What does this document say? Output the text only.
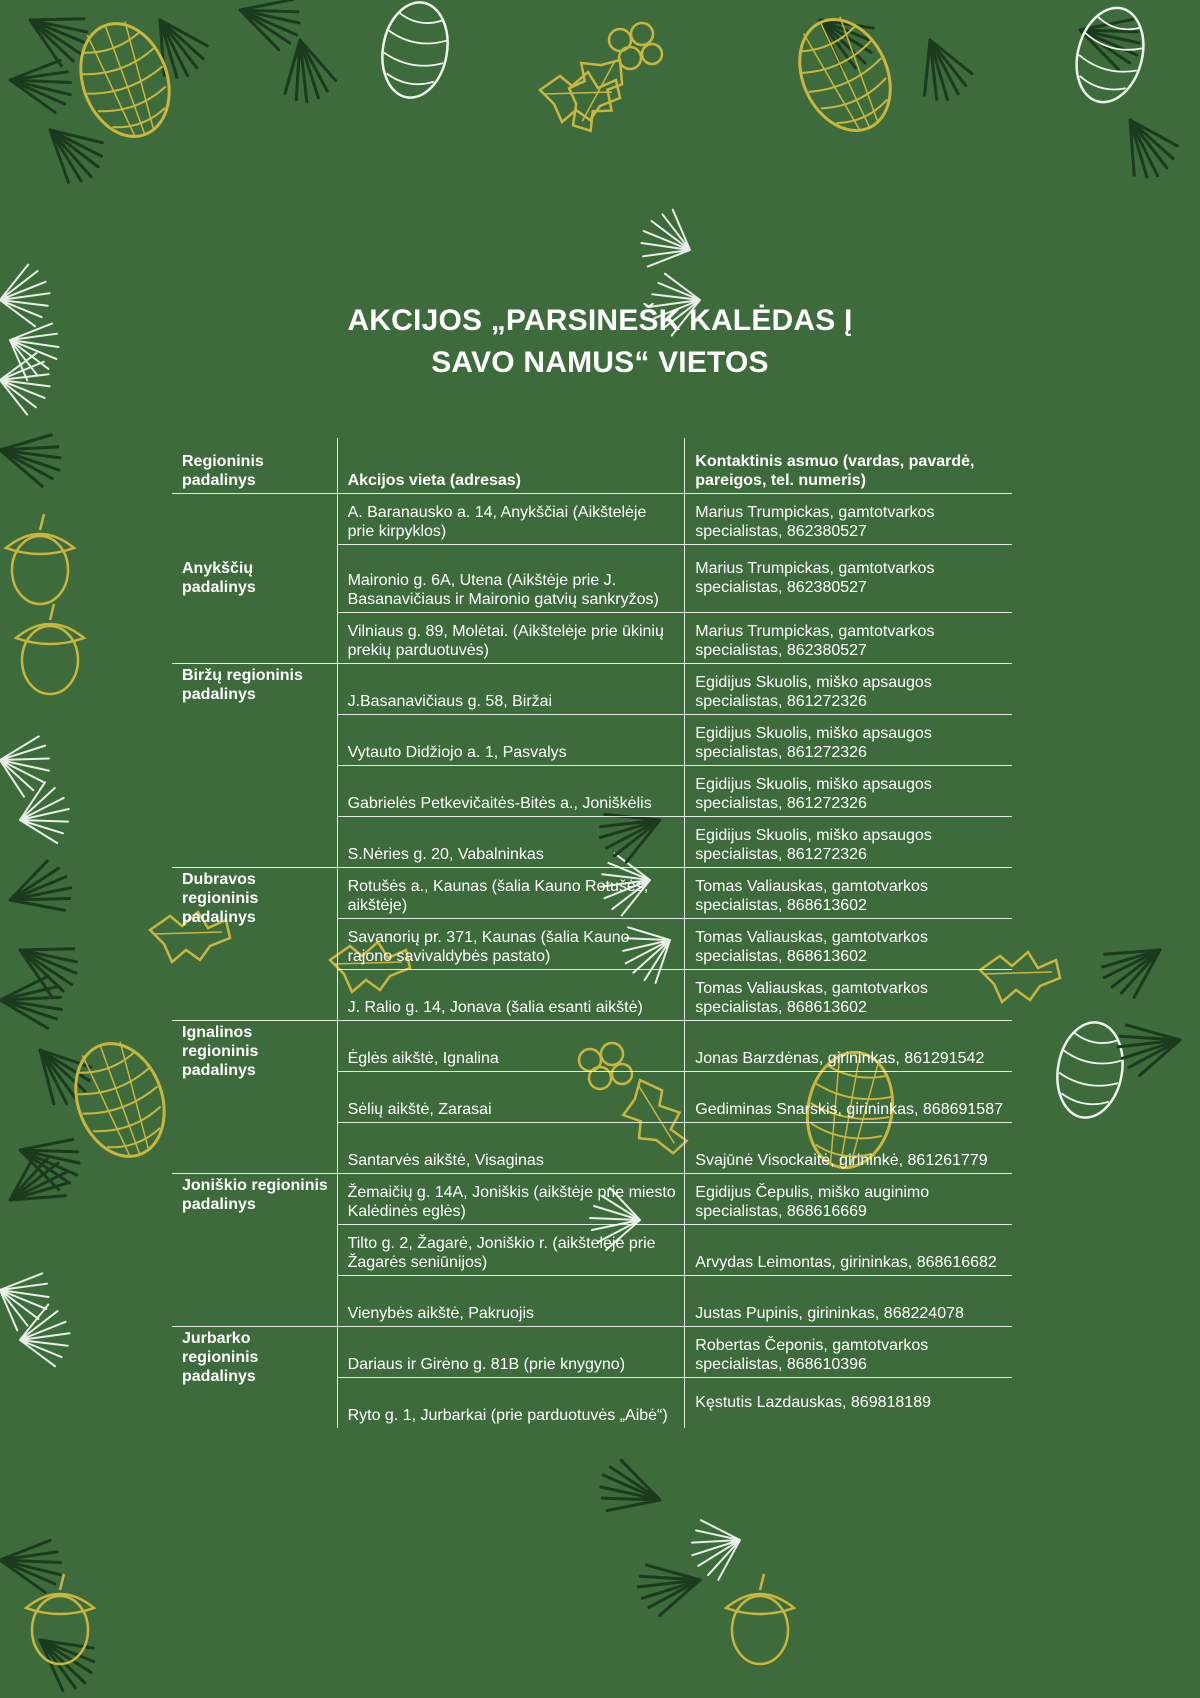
AKCIJOS „PARSINEŠK KALĖDAS Į
SAVO NAMUS“ VIETOS
Regioninis padalinys	Akcijos vieta (adresas)	Kontaktinis asmuo (vardas, pavardė, pareigos, tel. numeris)
Anykščių padalinys	A. Baranausko a. 14, Anykščiai (Aikštelėje prie kirpyklos)	Marius Trumpickas, gamtotvarkos specialistas, 862380527
	Maironio g. 6A, Utena (Aikštėje prie J. Basanavičiaus ir Maironio gatvių sankryžos)	Marius Trumpickas, gamtotvarkos specialistas, 862380527
	Vilniaus g. 89, Molėtai. (Aikštelėje prie ūkinių prekių parduotuvės)	Marius Trumpickas, gamtotvarkos specialistas, 862380527
Biržų regioninis padalinys	J.Basanavičiaus g. 58, Biržai	Egidijus Skuolis, miško apsaugos specialistas, 861272326
	Vytauto Didžiojo a. 1, Pasvalys	Egidijus Skuolis, miško apsaugos specialistas, 861272326
	Gabrielės Petkevičaitės-Bitės a., Joniškėlis	Egidijus Skuolis, miško apsaugos specialistas, 861272326
	S.Nėries g. 20, Vabalninkas	Egidijus Skuolis, miško apsaugos specialistas, 861272326
Dubravos regioninis padalinys	Rotušės a., Kaunas (šalia Kauno Rotušės, aikštėje)	Tomas Valiauskas, gamtotvarkos specialistas, 868613602
	Savanorių pr. 371, Kaunas (šalia Kauno rajono savivaldybės pastato)	Tomas Valiauskas, gamtotvarkos specialistas, 868613602
	J. Ralio g. 14, Jonava (šalia esanti aikštė)	Tomas Valiauskas, gamtotvarkos specialistas, 868613602
Ignalinos regioninis padalinys	Ėglės aikštė, Ignalina	Jonas Barzdėnas, girininkas, 861291542
	Sėlių aikštė, Zarasai	Gediminas Snarskis, girininkas, 868691587
	Santarvės aikštė, Visaginas	Svajūnė Visockaitė, girininkė, 861261779
Joniškio regioninis padalinys	Žemaičių g. 14A, Joniškis (aikštėje prie miesto Kalėdinės eglės)	Egidijus Čepulis, miško auginimo specialistas, 868616669
	Tilto g. 2, Žagarė, Joniškio r. (aikštelėje prie Žagarės seniūnijos)	Arvydas Leimontas, girininkas, 868616682
	Vienybės aikštė, Pakruojis	Justas Pupinis, girininkas, 868224078
Jurbarko regioninis padalinys	Dariaus ir Girėno g. 81B (prie knygyno)	Robertas Čeponis, gamtotvarkos specialistas, 868610396
	Ryto g. 1, Jurbarkai (prie parduotuvės „Aibė“)	Kęstutis Lazdauskas, 869818189
